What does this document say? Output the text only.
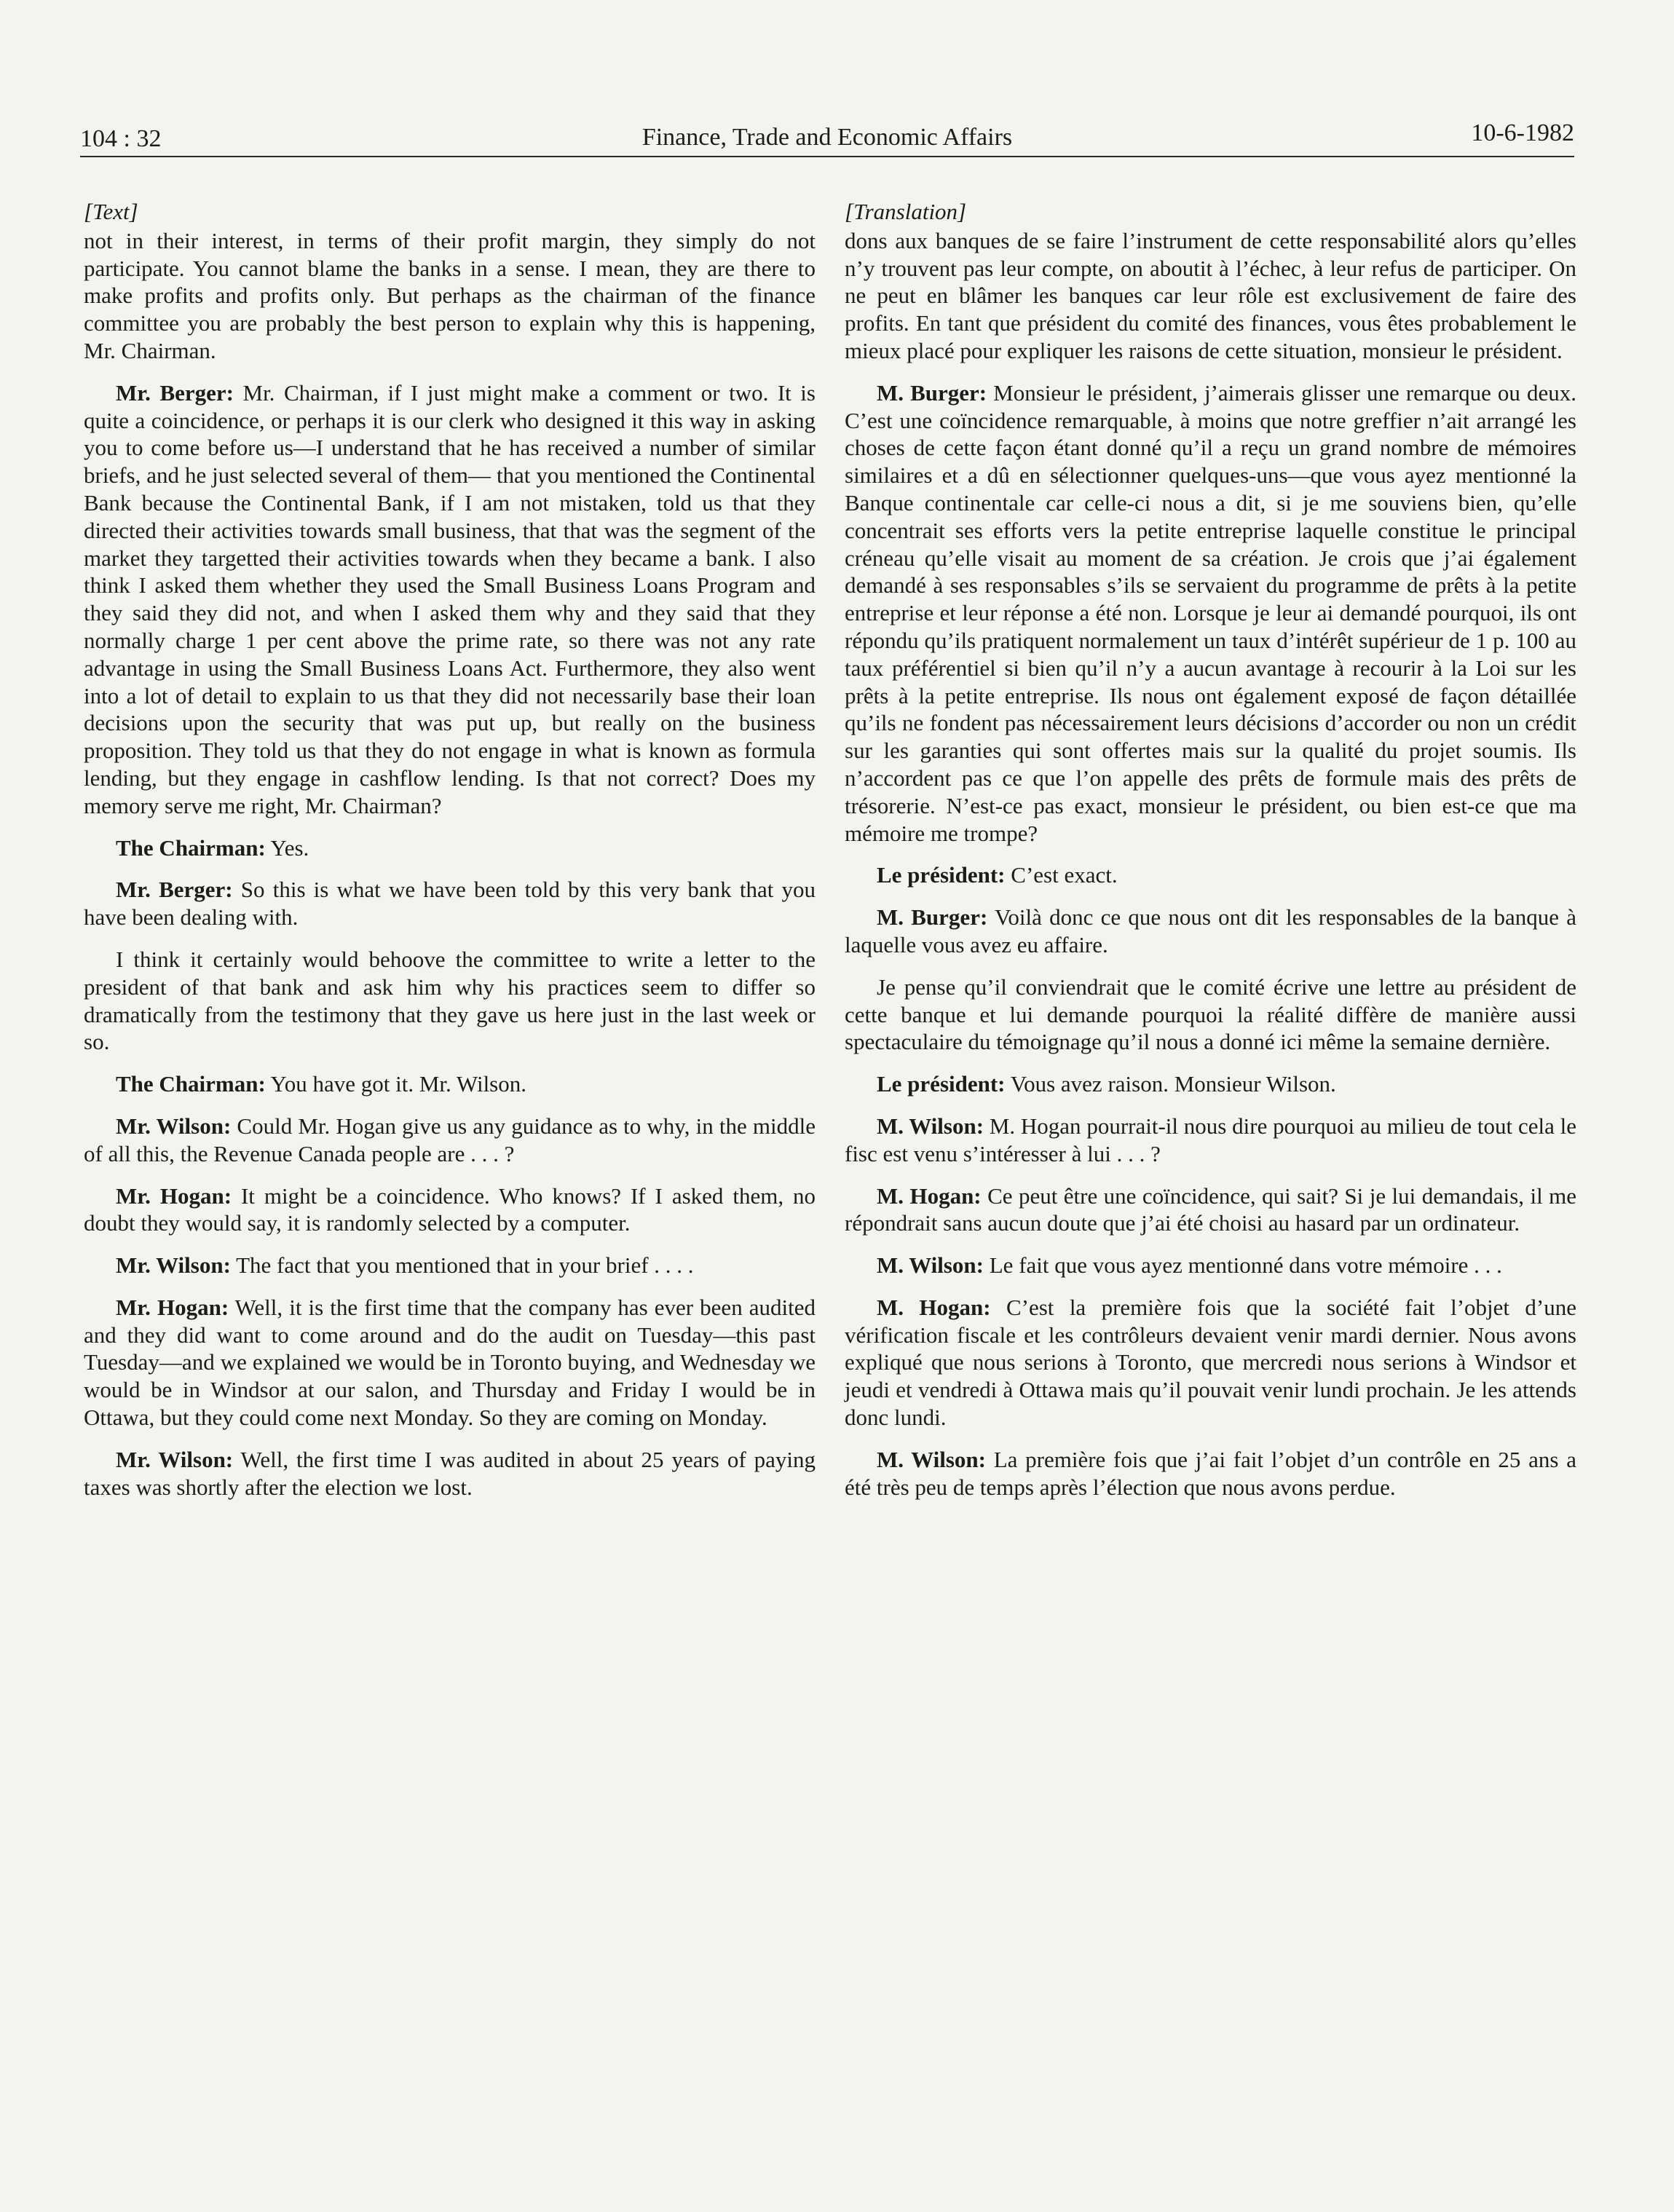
104 : 32	Finance, Trade and Economic Affairs	10-6-1982

[Text]

not in their interest, in terms of their profit margin, they simply do not participate. You cannot blame the banks in a sense. I mean, they are there to make profits and profits only. But perhaps as the chairman of the finance committee you are probably the best person to explain why this is happening, Mr. Chairman.

Mr. Berger: Mr. Chairman, if I just might make a comment or two. It is quite a coincidence, or perhaps it is our clerk who designed it this way in asking you to come before us—I understand that he has received a number of similar briefs, and he just selected several of them— that you mentioned the Continental Bank because the Continental Bank, if I am not mistaken, told us that they directed their activities towards small business, that that was the segment of the market they targetted their activities towards when they became a bank. I also think I asked them whether they used the Small Business Loans Program and they said they did not, and when I asked them why and they said that they normally charge 1 per cent above the prime rate, so there was not any rate advantage in using the Small Business Loans Act. Furthermore, they also went into a lot of detail to explain to us that they did not necessarily base their loan decisions upon the security that was put up, but really on the business proposition. They told us that they do not engage in what is known as formula lending, but they engage in cashflow lending. Is that not correct? Does my memory serve me right, Mr. Chairman?

The Chairman: Yes.

Mr. Berger: So this is what we have been told by this very bank that you have been dealing with.

I think it certainly would behoove the committee to write a letter to the president of that bank and ask him why his practices seem to differ so dramatically from the testimony that they gave us here just in the last week or so.

The Chairman: You have got it. Mr. Wilson.

Mr. Wilson: Could Mr. Hogan give us any guidance as to why, in the middle of all this, the Revenue Canada people are . . . ?

Mr. Hogan: It might be a coincidence. Who knows? If I asked them, no doubt they would say, it is randomly selected by a computer.

Mr. Wilson: The fact that you mentioned that in your brief . . . .

Mr. Hogan: Well, it is the first time that the company has ever been audited and they did want to come around and do the audit on Tuesday—this past Tuesday—and we explained we would be in Toronto buying, and Wednesday we would be in Windsor at our salon, and Thursday and Friday I would be in Ottawa, but they could come next Monday. So they are coming on Monday.

Mr. Wilson: Well, the first time I was audited in about 25 years of paying taxes was shortly after the election we lost.

[Translation]

dons aux banques de se faire l’instrument de cette responsabilité alors qu’elles n’y trouvent pas leur compte, on aboutit à l’échec, à leur refus de participer. On ne peut en blâmer les banques car leur rôle est exclusivement de faire des profits. En tant que président du comité des finances, vous êtes probablement le mieux placé pour expliquer les raisons de cette situation, monsieur le président.

M. Burger: Monsieur le président, j’aimerais glisser une remarque ou deux. C’est une coïncidence remarquable, à moins que notre greffier n’ait arrangé les choses de cette façon étant donné qu’il a reçu un grand nombre de mémoires similaires et a dû en sélectionner quelques-uns—que vous ayez mentionné la Banque continentale car celle-ci nous a dit, si je me souviens bien, qu’elle concentrait ses efforts vers la petite entreprise laquelle constitue le principal créneau qu’elle visait au moment de sa création. Je crois que j’ai également demandé à ses responsables s’ils se servaient du programme de prêts à la petite entreprise et leur réponse a été non. Lorsque je leur ai demandé pourquoi, ils ont répondu qu’ils pratiquent normalement un taux d’intérêt supérieur de 1 p. 100 au taux préférentiel si bien qu’il n’y a aucun avantage à recourir à la Loi sur les prêts à la petite entreprise. Ils nous ont également exposé de façon détaillée qu’ils ne fondent pas nécessairement leurs décisions d’accorder ou non un crédit sur les garanties qui sont offertes mais sur la qualité du projet soumis. Ils n’accordent pas ce que l’on appelle des prêts de formule mais des prêts de trésorerie. N’est-ce pas exact, monsieur le président, ou bien est-ce que ma mémoire me trompe?

Le président: C’est exact.

M. Burger: Voilà donc ce que nous ont dit les responsables de la banque à laquelle vous avez eu affaire.

Je pense qu’il conviendrait que le comité écrive une lettre au président de cette banque et lui demande pourquoi la réalité diffère de manière aussi spectaculaire du témoignage qu’il nous a donné ici même la semaine dernière.

Le président: Vous avez raison. Monsieur Wilson.

M. Wilson: M. Hogan pourrait-il nous dire pourquoi au milieu de tout cela le fisc est venu s’intéresser à lui . . . ?

M. Hogan: Ce peut être une coïncidence, qui sait? Si je lui demandais, il me répondrait sans aucun doute que j’ai été choisi au hasard par un ordinateur.

M. Wilson: Le fait que vous ayez mentionné dans votre mémoire . . .

M. Hogan: C’est la première fois que la société fait l’objet d’une vérification fiscale et les contrôleurs devaient venir mardi dernier. Nous avons expliqué que nous serions à Toronto, que mercredi nous serions à Windsor et jeudi et vendredi à Ottawa mais qu’il pouvait venir lundi prochain. Je les attends donc lundi.

M. Wilson: La première fois que j’ai fait l’objet d’un contrôle en 25 ans a été très peu de temps après l’élection que nous avons perdue.
